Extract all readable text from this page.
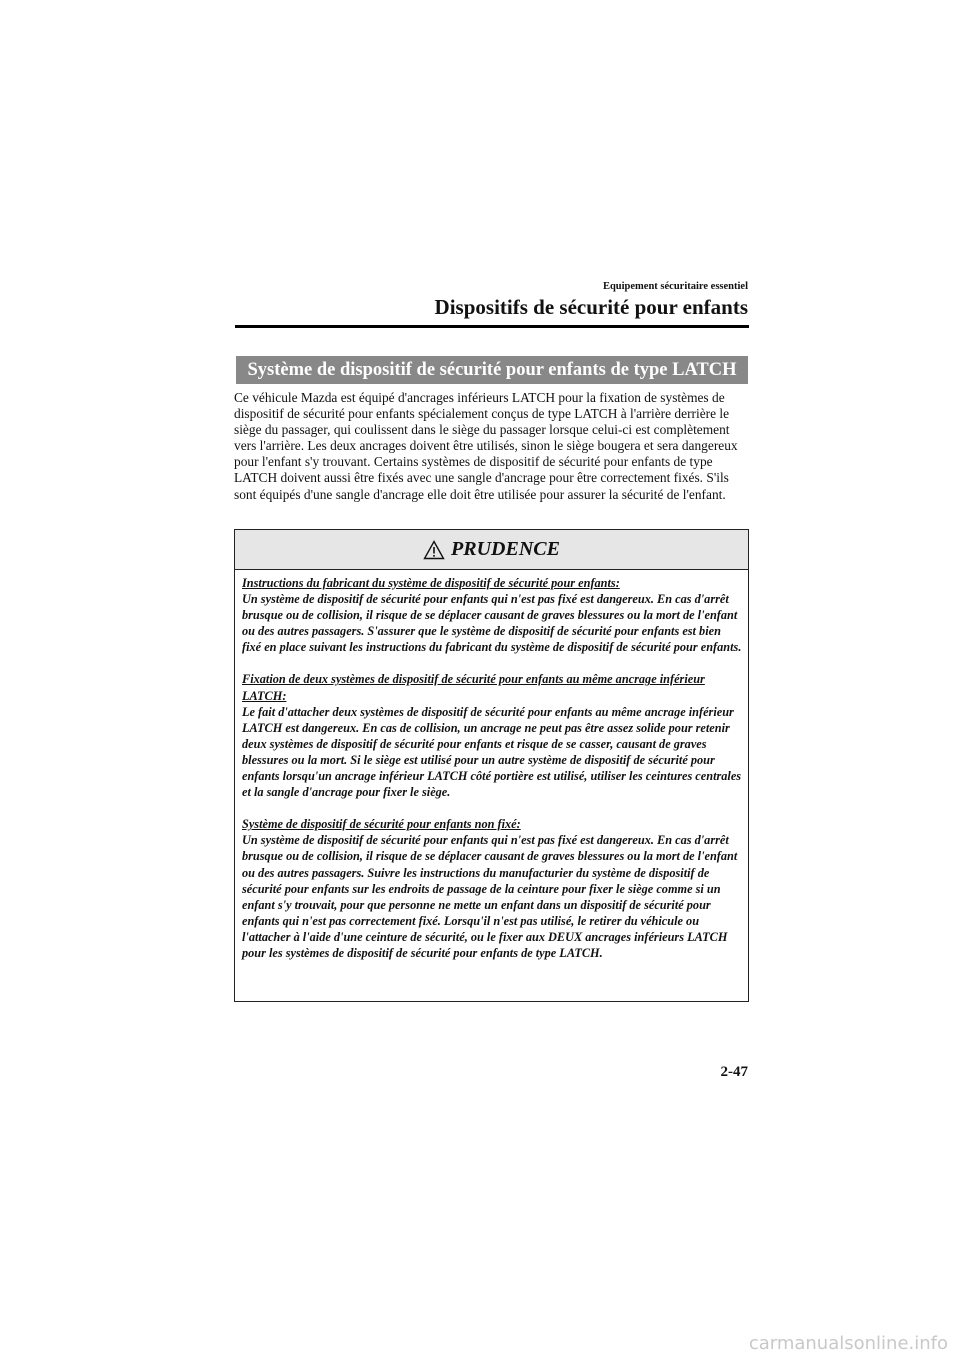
Equipement sécuritaire essentiel
Dispositifs de sécurité pour enfants
Système de dispositif de sécurité pour enfants de type LATCH
Ce véhicule Mazda est équipé d'ancrages inférieurs LATCH pour la fixation de systèmes de dispositif de sécurité pour enfants spécialement conçus de type LATCH à l'arrière derrière le siège du passager, qui coulissent dans le siège du passager lorsque celui-ci est complètement vers l'arrière. Les deux ancrages doivent être utilisés, sinon le siège bougera et sera dangereux pour l'enfant s'y trouvant. Certains systèmes de dispositif de sécurité pour enfants de type LATCH doivent aussi être fixés avec une sangle d'ancrage pour être correctement fixés. S'ils sont équipés d'une sangle d'ancrage elle doit être utilisée pour assurer la sécurité de l'enfant.
PRUDENCE
Instructions du fabricant du système de dispositif de sécurité pour enfants:
Un système de dispositif de sécurité pour enfants qui n'est pas fixé est dangereux. En cas d'arrêt brusque ou de collision, il risque de se déplacer causant de graves blessures ou la mort de l'enfant ou des autres passagers. S'assurer que le système de dispositif de sécurité pour enfants est bien fixé en place suivant les instructions du fabricant du système de dispositif de sécurité pour enfants.
Fixation de deux systèmes de dispositif de sécurité pour enfants au même ancrage inférieur LATCH:
Le fait d'attacher deux systèmes de dispositif de sécurité pour enfants au même ancrage inférieur LATCH est dangereux. En cas de collision, un ancrage ne peut pas être assez solide pour retenir deux systèmes de dispositif de sécurité pour enfants et risque de se casser, causant de graves blessures ou la mort. Si le siège est utilisé pour un autre système de dispositif de sécurité pour enfants lorsqu'un ancrage inférieur LATCH côté portière est utilisé, utiliser les ceintures centrales et la sangle d'ancrage pour fixer le siège.
Système de dispositif de sécurité pour enfants non fixé:
Un système de dispositif de sécurité pour enfants qui n'est pas fixé est dangereux. En cas d'arrêt brusque ou de collision, il risque de se déplacer causant de graves blessures ou la mort de l'enfant ou des autres passagers. Suivre les instructions du manufacturier du système de dispositif de sécurité pour enfants sur les endroits de passage de la ceinture pour fixer le siège comme si un enfant s'y trouvait, pour que personne ne mette un enfant dans un dispositif de sécurité pour enfants qui n'est pas correctement fixé. Lorsqu'il n'est pas utilisé, le retirer du véhicule ou l'attacher à l'aide d'une ceinture de sécurité, ou le fixer aux DEUX ancrages inférieurs LATCH pour les systèmes de dispositif de sécurité pour enfants de type LATCH.
2-47
carmanualsonline.info
